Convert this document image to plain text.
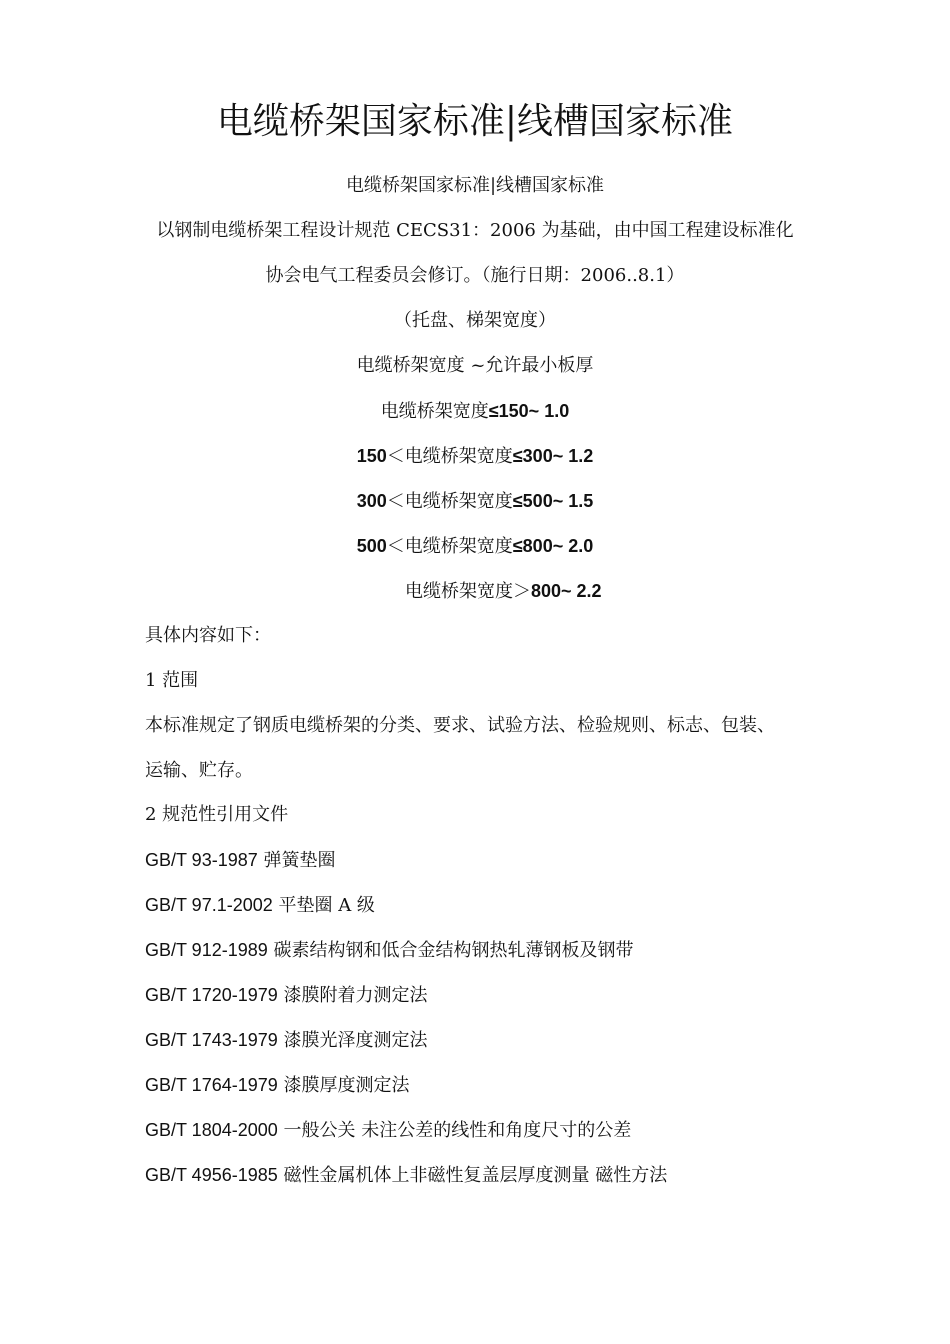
电缆桥架国家标准|线槽国家标准
电缆桥架国家标准|线槽国家标准
以钢制电缆桥架工程设计规范 CECS31：2006 为基础，由中国工程建设标准化
协会电气工程委员会修订。（施行日期：2006..8.1）
（托盘、梯架宽度）
电缆桥架宽度 ~允许最小板厚
电缆桥架宽度≤150~ 1.0
150＜电缆桥架宽度≤300~ 1.2
300＜电缆桥架宽度≤500~ 1.5
500＜电缆桥架宽度≤800~ 2.0
电缆桥架宽度＞800~ 2.2
具体内容如下：
1 范围
本标准规定了钢质电缆桥架的分类、要求、试验方法、检验规则、标志、包装、
运输、贮存。
2 规范性引用文件
GB/T 93-1987 弹簧垫圈
GB/T 97.1-2002 平垫圈 A 级
GB/T 912-1989 碳素结构钢和低合金结构钢热轧薄钢板及钢带
GB/T 1720-1979 漆膜附着力测定法
GB/T 1743-1979 漆膜光泽度测定法
GB/T 1764-1979 漆膜厚度测定法
GB/T 1804-2000 一般公关 未注公差的线性和角度尺寸的公差
GB/T 4956-1985 磁性金属机体上非磁性复盖层厚度测量 磁性方法
